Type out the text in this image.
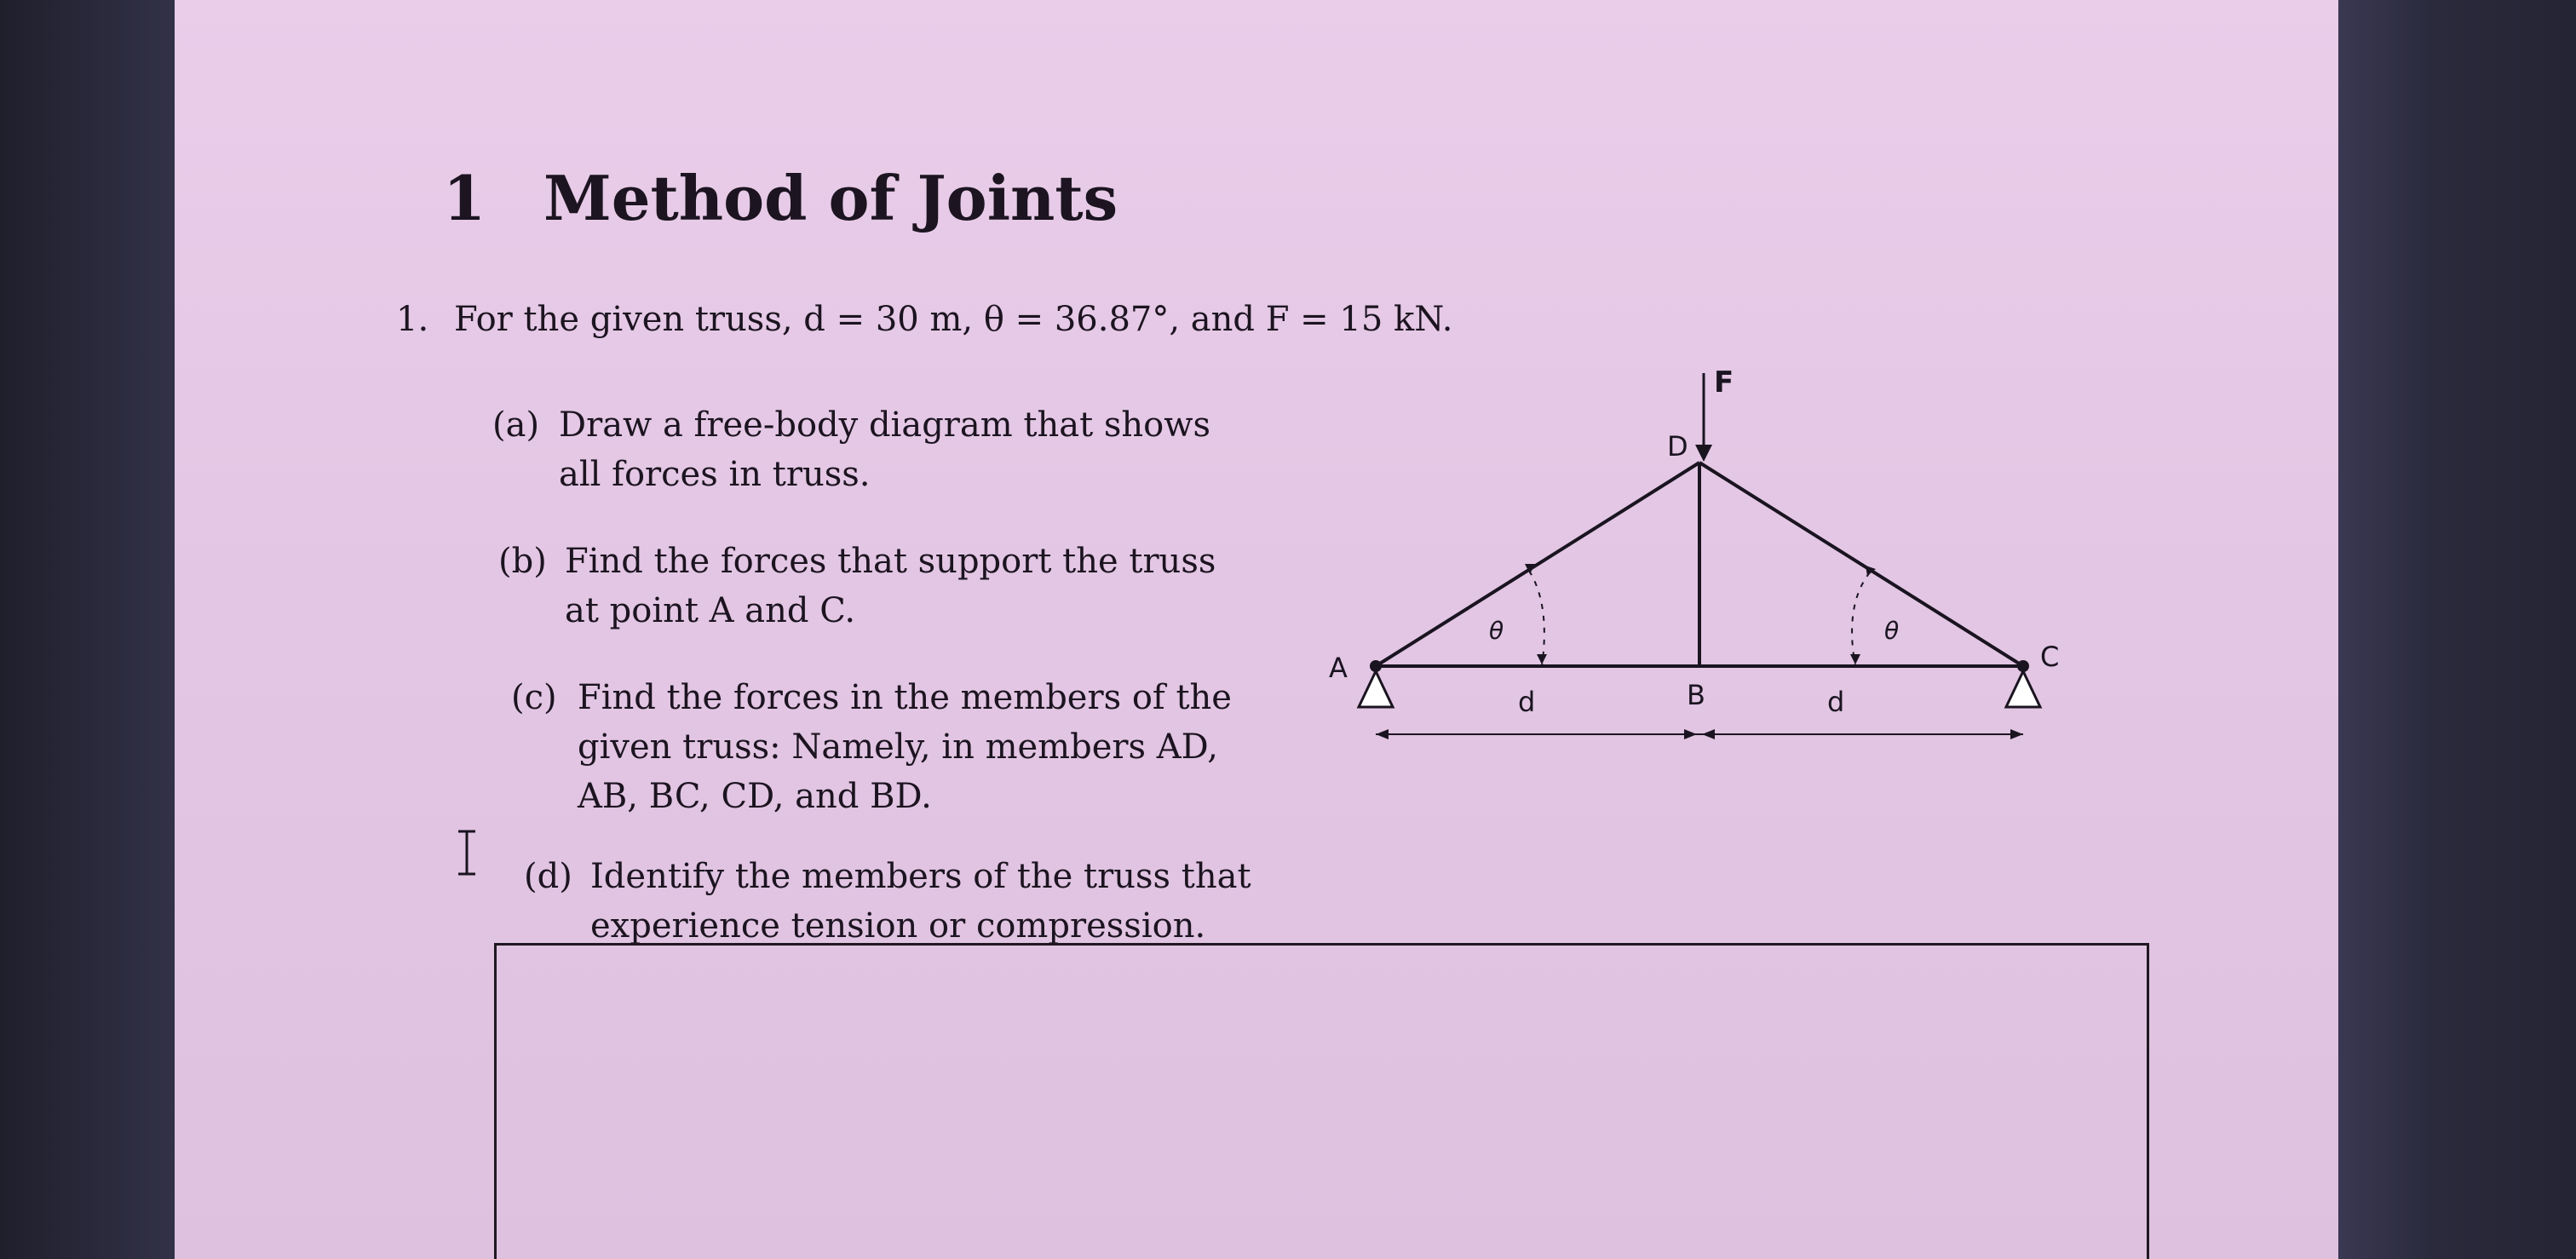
1 Method of Joints
1. For the given truss, d = 30 m, θ = 36.87°, and F = 15 kN.
(a) Draw a free-body diagram that shows
all forces in truss.
(b) Find the forces that support the truss
at point A and C.
(c) Find the forces in the members of the
given truss: Namely, in members AD,
AB, BC, CD, and BD.
(d) Identify the members of the truss that
experience tension or compression.
F
A
B
C
D
θ	θ
d	d
